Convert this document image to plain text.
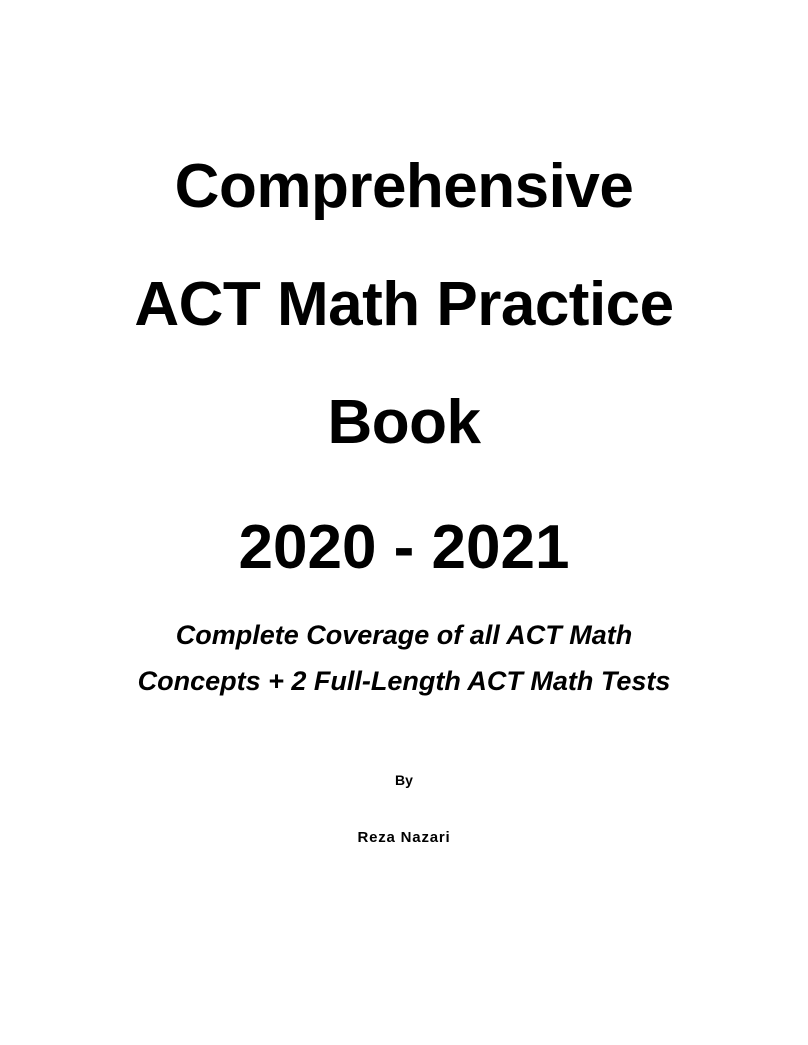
Comprehensive
ACT Math Practice
Book
2020 - 2021
Complete Coverage of all ACT Math
Concepts + 2 Full-Length ACT Math Tests
By
Reza Nazari
